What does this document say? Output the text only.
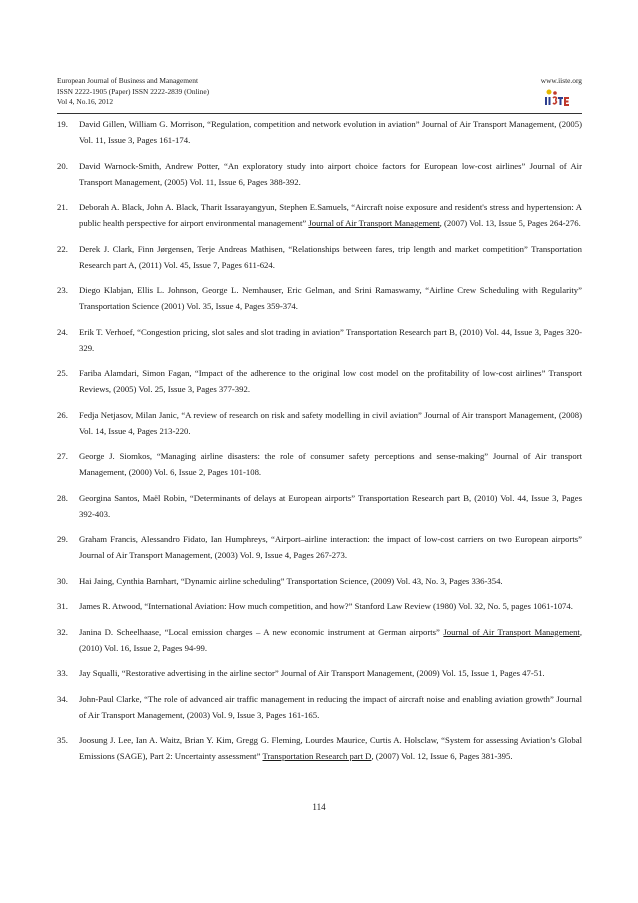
European Journal of Business and Management
ISSN 2222-1905 (Paper) ISSN 2222-2839 (Online)
Vol 4, No.16, 2012
www.iiste.org
19. David Gillen, William G. Morrison, “Regulation, competition and network evolution in aviation” Journal of Air Transport Management, (2005) Vol. 11, Issue 3, Pages 161-174.
20. David Warnock-Smith, Andrew Potter, “An exploratory study into airport choice factors for European low-cost airlines” Journal of Air Transport Management, (2005) Vol. 11, Issue 6, Pages 388-392.
21. Deborah A. Black, John A. Black, Tharit Issarayangyun, Stephen E.Samuels, “Aircraft noise exposure and resident's stress and hypertension: A public health perspective for airport environmental management” Journal of Air Transport Management, (2007) Vol. 13, Issue 5, Pages 264-276.
22. Derek J. Clark, Finn Jørgensen, Terje Andreas Mathisen, “Relationships between fares, trip length and market competition” Transportation Research part A, (2011) Vol. 45, Issue 7, Pages 611-624.
23. Diego Klabjan, Ellis L. Johnson, George L. Nemhauser, Eric Gelman, and Srini Ramaswamy, “Airline Crew Scheduling with Regularity” Transportation Science (2001) Vol. 35, Issue 4, Pages 359-374.
24. Erik T. Verhoef, “Congestion pricing, slot sales and slot trading in aviation” Transportation Research part B, (2010) Vol. 44, Issue 3, Pages 320-329.
25. Fariba Alamdari, Simon Fagan, “Impact of the adherence to the original low cost model on the profitability of low-cost airlines” Transport Reviews, (2005) Vol. 25, Issue 3, Pages 377-392.
26. Fedja Netjasov, Milan Janic, “A review of research on risk and safety modelling in civil aviation” Journal of Air transport Management, (2008) Vol. 14, Issue 4, Pages 213-220.
27. George J. Siomkos, “Managing airline disasters: the role of consumer safety perceptions and sense-making” Journal of Air transport Management, (2000) Vol. 6, Issue 2, Pages 101-108.
28. Georgina Santos, Maël Robin, “Determinants of delays at European airports” Transportation Research part B, (2010) Vol. 44, Issue 3, Pages 392-403.
29. Graham Francis, Alessandro Fidato, Ian Humphreys, “Airport–airline interaction: the impact of low-cost carriers on two European airports” Journal of Air Transport Management, (2003) Vol. 9, Issue 4, Pages 267-273.
30. Hai Jaing, Cynthia Barnhart, “Dynamic airline scheduling” Transportation Science, (2009) Vol. 43, No. 3, Pages 336-354.
31. James R. Atwood, “International Aviation: How much competition, and how?” Stanford Law Review (1980) Vol. 32, No. 5, pages 1061-1074.
32. Janina D. Scheelhaase, “Local emission charges – A new economic instrument at German airports” Journal of Air Transport Management, (2010) Vol. 16, Issue 2, Pages 94-99.
33. Jay Squalli, “Restorative advertising in the airline sector” Journal of Air Transport Management, (2009) Vol. 15, Issue 1, Pages 47-51.
34. John-Paul Clarke, “The role of advanced air traffic management in reducing the impact of aircraft noise and enabling aviation growth” Journal of Air Transport Management, (2003) Vol. 9, Issue 3, Pages 161-165.
35. Joosung J. Lee, Ian A. Waitz, Brian Y. Kim, Gregg G. Fleming, Lourdes Maurice, Curtis A. Holsclaw, “System for assessing Aviation’s Global Emissions (SAGE), Part 2: Uncertainty assessment” Transportation Research part D, (2007) Vol. 12, Issue 6, Pages 381-395.
114
